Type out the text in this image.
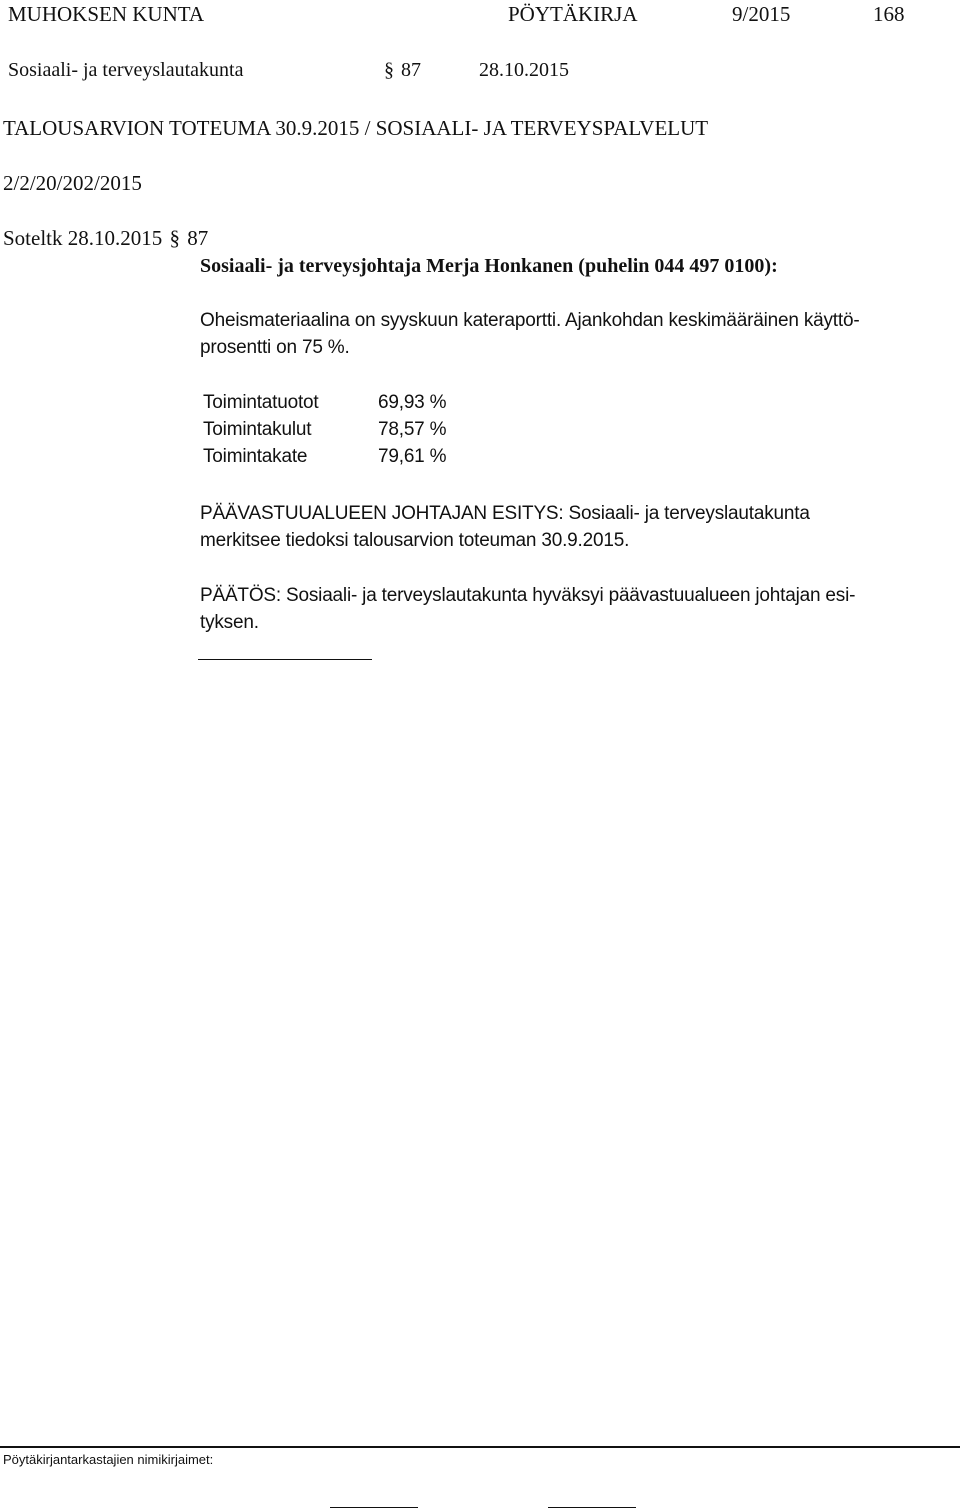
MUHOKSEN KUNTA	PÖYTÄKIRJA	9/2015	168
Sosiaali- ja terveyslautakunta	§ 87	28.10.2015
TALOUSARVION TOTEUMA 30.9.2015 / SOSIAALI- JA TERVEYSPALVELUT
2/2/20/202/2015
Soteltk 28.10.2015 § 87
Sosiaali- ja terveysjohtaja Merja Honkanen (puhelin 044 497 0100):
Oheismateriaalina on syyskuun kateraportti. Ajankohdan keskimääräinen käyttö-
prosentti on 75 %.
Toimintatuotot	69,93 %
Toimintakulut	78,57 %
Toimintakate	79,61 %
PÄÄVASTUUALUEEN JOHTAJAN ESITYS: Sosiaali- ja terveyslautakunta
merkitsee tiedoksi talousarvion toteuman 30.9.2015.
PÄÄTÖS: Sosiaali- ja terveyslautakunta hyväksyi päävastuualueen johtajan esi-
tyksen.
Pöytäkirjantarkastajien nimikirjaimet:
